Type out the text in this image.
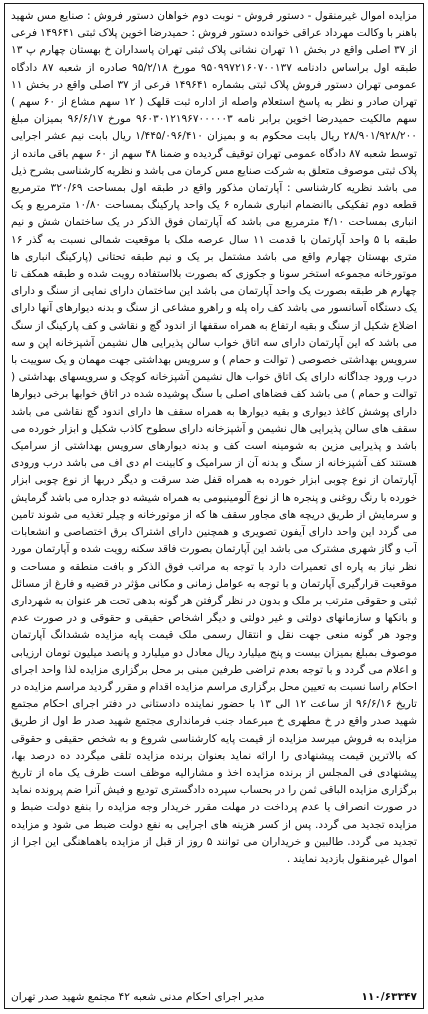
مزایده اموال غیرمنقول - دستور فروش - نوبت دوم خواهان دستور فروش : صنایع مس شهید باهنر با وکالت مهرداد عراقی خوانده دستور فروش : حمیدرضا اخوین پلاک ثبتی ۱۴۹۶۴۱ فرعی از ۳۷ اصلی واقع در بخش ۱۱ تهران نشانی پلاک ثبتی تهران پاسداران خ بهستان چهارم پ ۱۳ طبقه اول براساس دادنامه ۹۵۰۹۹۷۲۱۶۰۷۰۰۱۳۷ مورخ ۹۵/۲/۱۸ صادره از شعبه ۸۷ دادگاه عمومی تهران دستور فروش پلاک ثبتی بشماره ۱۴۹۶۴۱ فرعی از ۳۷ اصلی واقع در بخش ۱۱ تهران صادر و نظر به پاسخ استعلام واصله از اداره ثبت قلهک ( ۱۲ سهم مشاع از ۶۰ سهم ) سهم مالکیت حمیدرضا اخوین برابر نامه ۹۶۰۳۰۱۲۱۹۶۷۰۰۰۰۰۳ مورخ ۹۶/۶/۱۷ بمیزان مبلغ ۲۸/۹۰۱/۹۲۸/۲۰۰ ریال بابت محکوم به و بمیزان ۱/۴۴۵/۰۹۶/۴۱۰ ریال بابت نیم عشر اجرایی توسط شعبه ۸۷ دادگاه عمومی تهران توقیف گردیده و ضمنا ۴۸ سهم از ۶۰ سهم باقی مانده از پلاک ثبتی موصوف متعلق به شرکت صنایع مس کرمان می باشد و نظریه کارشناسی بشرح ذیل می باشد نظریه کارشناسی : آپارتمان مذکور واقع در طبقه اول بمساحت ۳۲۰/۶۹ مترمربع قطعه دوم تفکیکی باانضمام انباری شماره ۶ یک واحد پارکینگ بمساحت ۱۰/۸۰ مترمربع و یک انباری بمساحت ۴/۱۰ مترمربع می باشد که آپارتمان فوق الذکر در یک ساختمان شش و نیم طبقه با ۵ واحد آپارتمان با قدمت ۱۱ سال عرصه ملک با موقعیت شمالی نسبت به گذر ۱۶ متری بهستان چهارم واقع می باشد مشتمل بر یک و نیم طبقه تحتانی (پارکینگ انباری ها موتورخانه مجموعه استخر سونا و جکوزی که بصورت بلااستفاده رویت شده و طبقه همکف تا چهارم هر طبقه بصورت یک واحد آپارتمان می باشد این ساختمان دارای نمایی از سنگ و دارای یک دستگاه آسانسور می باشد کف راه پله و راهرو مشاعی از سنگ و بدنه دیوارهای آنها دارای اضلاع شکیل از سنگ و بقیه ارتفاع به همراه سقفها از اندود گچ و نقاشی و کف پارکینگ از سنگ می باشد که این آپارتمان دارای سه اتاق خواب سالن پذیرایی هال نشیمن آشپزخانه اپن و سه سرویس بهداشتی خصوصی ( توالت و حمام ) و سرویس بهداشتی جهت مهمان و یک سوییت با درب ورود جداگانه دارای یک اتاق خواب هال نشیمن آشپزخانه کوچک و سرویسهای بهداشتی ( توالت و حمام ) می باشد کف فضاهای اصلی با سنگ پوشیده شده در اتاق خوابها برخی دیوارها دارای پوشش کاغذ دیواری و بقیه دیوارها به همراه سقف ها دارای اندود گچ نقاشی می باشد سقف های سالن پذیرایی هال نشیمن و آشپزخانه دارای سطوح کاذب شکیل و ابزار خورده می باشد و پذیرایی مزین به شومینه است کف و بدنه دیوارهای سرویس بهداشتی از سرامیک هستند کف آشپزخانه از سنگ و بدنه آن از سرامیک و کابینت ام دی اف می باشد درب ورودی آپارتمان از نوع چوبی ابزار خورده به همراه قفل ضد سرقت و دیگر دربها از نوع چوبی ابزار خورده با رنگ روغنی و پنجره ها از نوع آلومینیومی به همراه شیشه دو جداره می باشد گرمایش و سرمایش از طریق دریچه های مجاور سقف ها که از موتورخانه و چیلر تغذیه می شوند تامین می گردد این واحد دارای آیفون تصویری و همچنین دارای اشتراک برق اختصاصی و انشعابات آب و گاز شهری مشترک می باشد این آپارتمان بصورت فاقد سکنه رویت شده و آپارتمان مورد نظر نیاز به پاره ای تعمیرات دارد با توجه به مراتب فوق الذکر و بافت منطقه و مساحت و موقعیت قرارگیری آپارتمان و با توجه به عوامل زمانی و مکانی مؤثر در قضیه و فارغ از مسائل ثبتی و حقوقی مترتب بر ملک و بدون در نظر گرفتن هر گونه بدهی تحت هر عنوان به شهرداری و بانکها و سازمانهای دولتی و غیر دولتی و دیگر اشخاص حقیقی و حقوقی و در صورت عدم وجود هر گونه منعی جهت نقل و انتقال رسمی ملک قیمت پایه مزایده ششدانگ آپارتمان موصوف بمبلغ بمیزان بیست و پنج میلیارد ریال معادل دو میلیارد و پانصد میلیون تومان ارزیابی و اعلام می گردد و با توجه بعدم تراضی طرفین مبنی بر محل برگزاری مزایده لذا واحد اجرای احکام راسا نسبت به تعیین محل برگزاری مراسم مزایده اقدام و مقرر گردید مراسم مزایده در تاریخ ۹۶/۶/۱۶ از ساعت ۱۲ الی ۱۳ با حضور نماینده دادستانی در دفتر اجرای احکام مجتمع شهید صدر واقع در خ مطهری خ میرعماد جنب فرمانداری مجتمع شهید صدر ط اول از طریق مزایده به فروش میرسد مزایده از قیمت پایه کارشناسی شروع و به شخص حقیقی و حقوقی که بالاترین قیمت پیشنهادی را ارائه نماید بعنوان برنده مزایده تلقی میگردد ده درصد بها، پیشنهادی فی المجلس از برنده مزایده اخذ و مشارالیه موظف است ظرف یک ماه از تاریخ برگزاری مزایده الباقی ثمن را در بحساب سپرده دادگستری تودیع و فیش آنرا ضم پرونده نماید در صورت انصراف یا عدم پرداخت در مهلت مقرر خریدار وجه مزایده را بنفع دولت ضبط و مزایده تجدید می گردد. پس از کسر هزینه های اجرایی به نفع دولت ضبط می شود و مزایده تجدید می گردد. طالبین و خریداران می توانند ۵ روز از قبل از مزایده باهماهنگی این اجرا از اموال غیرمنقول بازدید نمایند .

۱۱۰/۶۳۳۴۷
مدیر اجرای احکام مدنی شعبه ۴۲ مجتمع شهید صدر تهران
